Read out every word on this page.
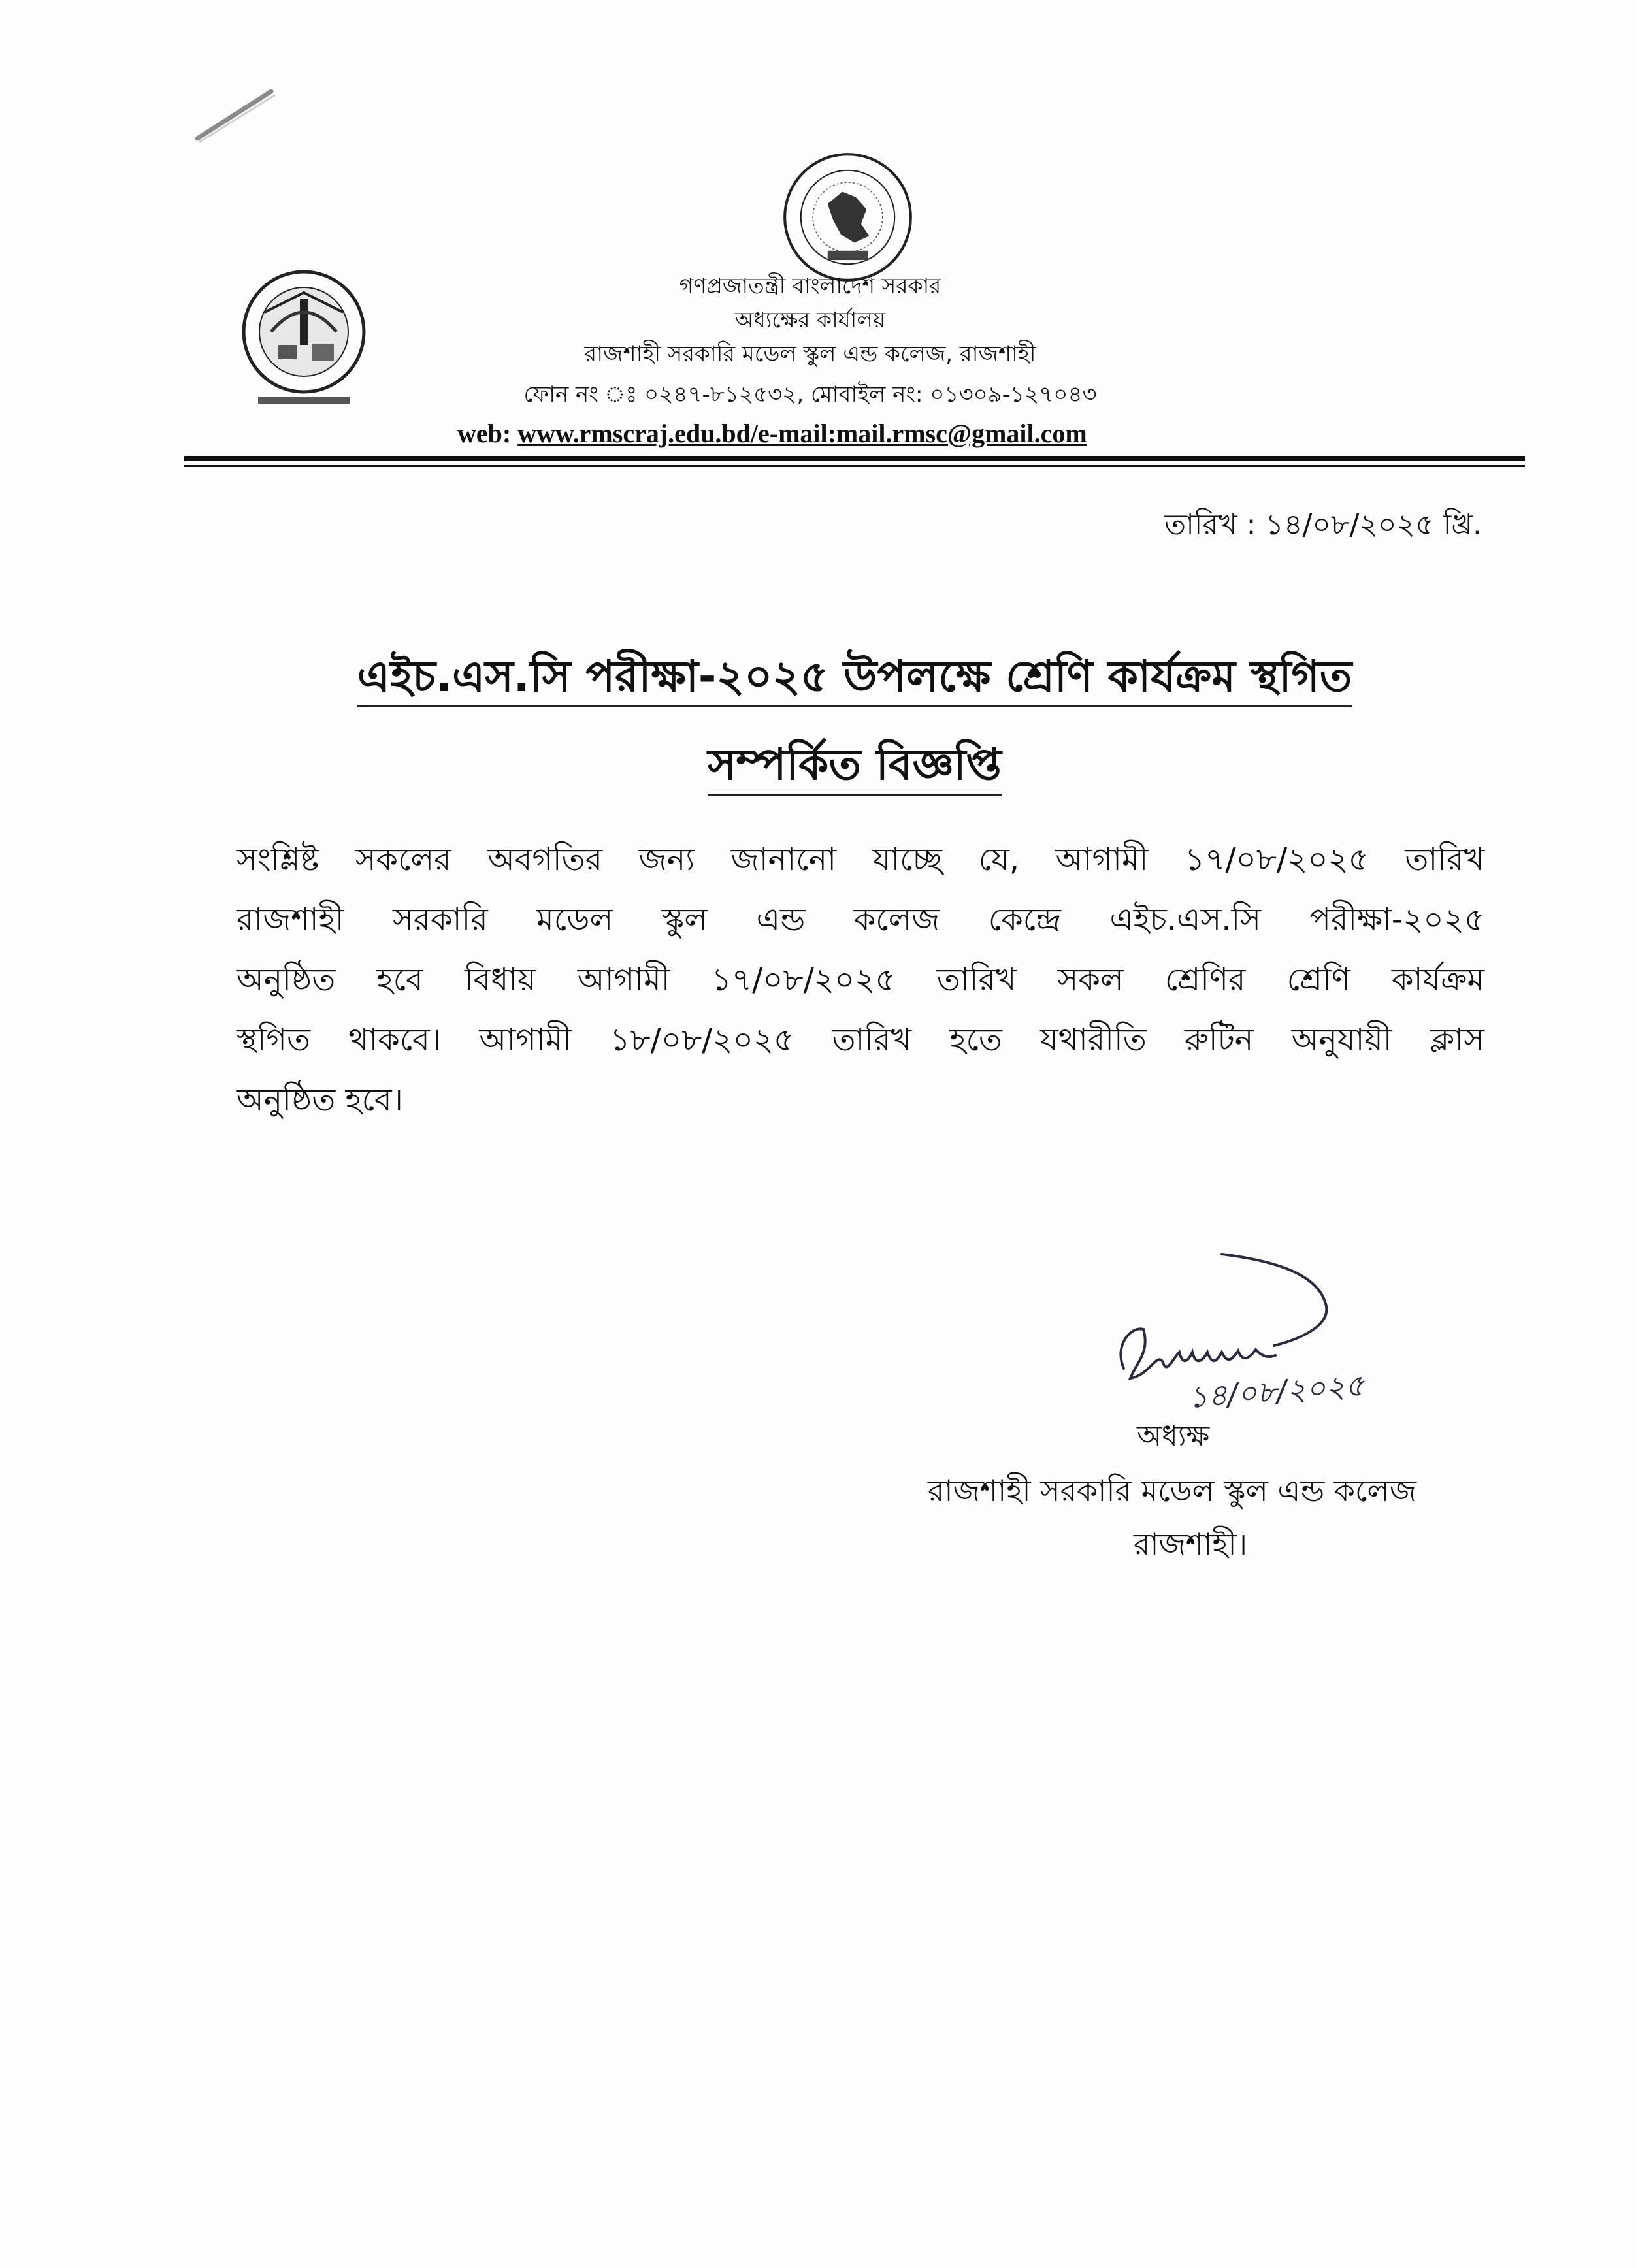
গণপ্রজাতন্ত্রী বাংলাদেশ সরকার
অধ্যক্ষের কার্যালয়
রাজশাহী সরকারি মডেল স্কুল এন্ড কলেজ, রাজশাহী
ফোন নং ঃ ০২৪৭-৮১২৫৩২, মোবাইল নং: ০১৩০৯-১২৭০৪৩
web: www.rmscraj.edu.bd/e-mail:mail.rmsc@gmail.com
তারিখ : ১৪/০৮/২০২৫ খ্রি.
এইচ.এস.সি পরীক্ষা-২০২৫ উপলক্ষে শ্রেণি কার্যক্রম স্থগিত
সম্পর্কিত বিজ্ঞপ্তি
সংশ্লিষ্ট সকলের অবগতির জন্য জানানো যাচ্ছে যে, আগামী ১৭/০৮/২০২৫ তারিখ
রাজশাহী সরকারি মডেল স্কুল এন্ড কলেজ কেন্দ্রে এইচ.এস.সি পরীক্ষা-২০২৫
অনুষ্ঠিত হবে বিধায় আগামী ১৭/০৮/২০২৫ তারিখ সকল শ্রেণির শ্রেণি কার্যক্রম
স্থগিত থাকবে। আগামী ১৮/০৮/২০২৫ তারিখ হতে যথারীতি রুটিন অনুযায়ী ক্লাস
অনুষ্ঠিত হবে।
১৪/০৮/২০২৫
অধ্যক্ষ
রাজশাহী সরকারি মডেল স্কুল এন্ড কলেজ
রাজশাহী।
